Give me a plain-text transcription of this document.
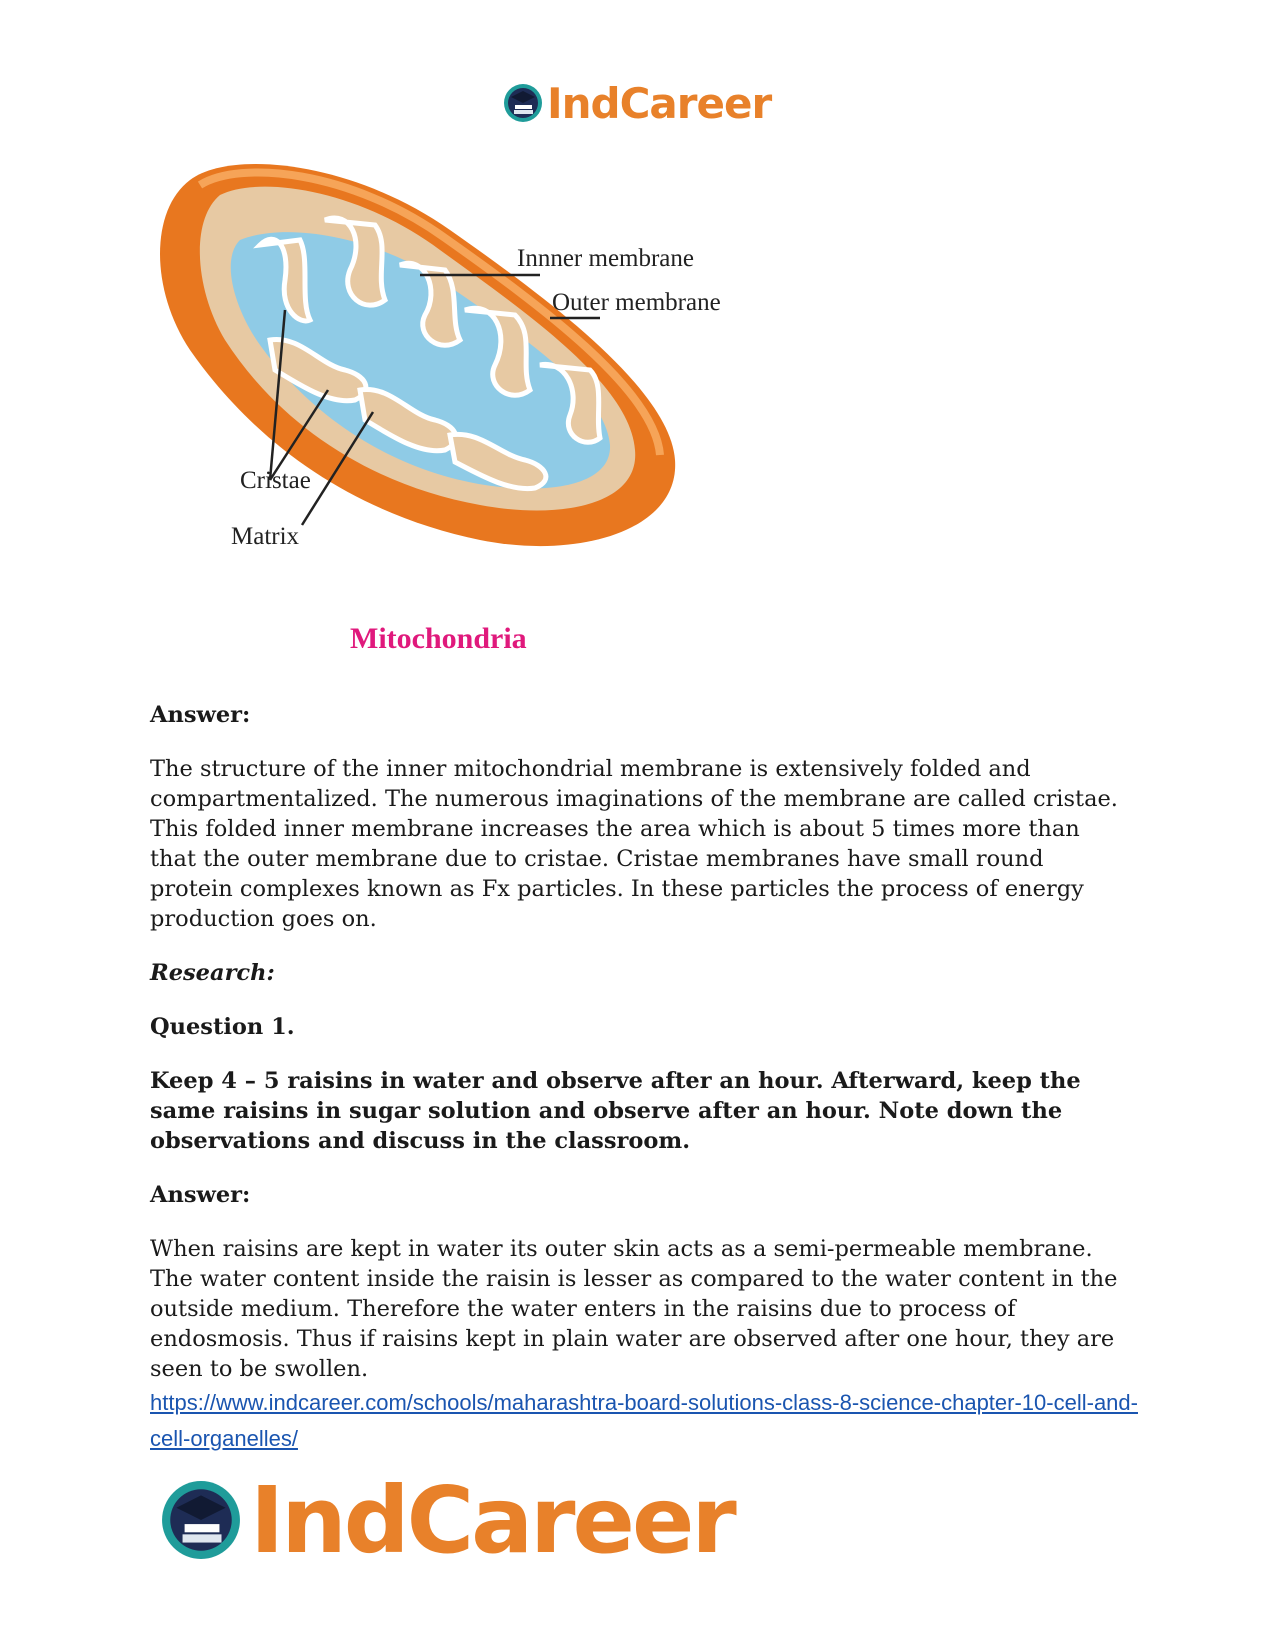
IndCareer
Innner membrane
Outer membrane
Cristae
Matrix
Mitochondria

Answer:

The structure of the inner mitochondrial membrane is extensively folded and compartmentalized. The numerous imaginations of the membrane are called cristae. This folded inner membrane increases the area which is about 5 times more than that the outer membrane due to cristae. Cristae membranes have small round protein complexes known as Fx particles. In these particles the process of energy production goes on.

Research:

Question 1.

Keep 4 – 5 raisins in water and observe after an hour. Afterward, keep the same raisins in sugar solution and observe after an hour. Note down the observations and discuss in the classroom.

Answer:

When raisins are kept in water its outer skin acts as a semi-permeable membrane. The water content inside the raisin is lesser as compared to the water content in the outside medium. Therefore the water enters in the raisins due to process of endosmosis. Thus if raisins kept in plain water are observed after one hour, they are seen to be swollen.

https://www.indcareer.com/schools/maharashtra-board-solutions-class-8-science-chapter-10-cell-and-cell-organelles/
IndCareer
